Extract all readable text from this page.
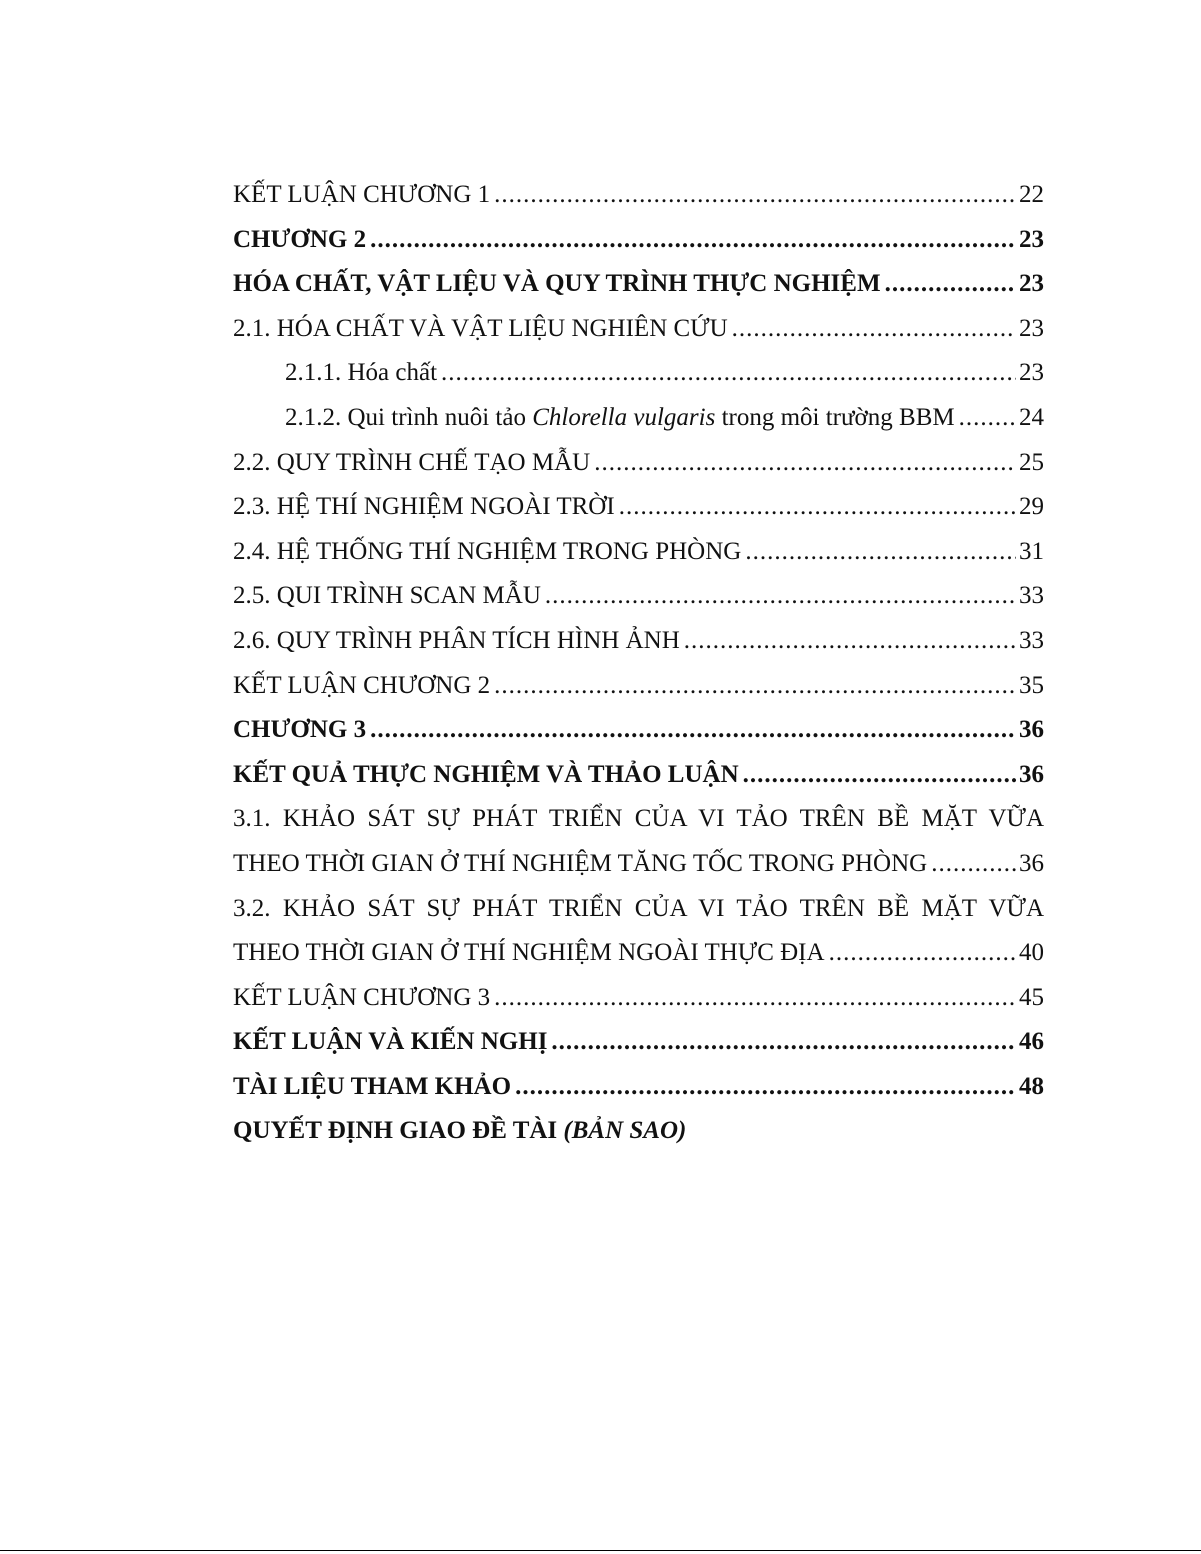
KẾT LUẬN CHƯƠNG 1 .....	22
CHƯƠNG 2 .....	23
HÓA CHẤT, VẬT LIỆU VÀ QUY TRÌNH THỰC NGHIỆM .....	23
2.1. HÓA CHẤT VÀ VẬT LIỆU NGHIÊN CỨU .....	23
2.1.1. Hóa chất .....	23
2.1.2. Qui trình nuôi tảo Chlorella vulgaris trong môi trường BBM .....	24
2.2. QUY TRÌNH CHẾ TẠO MẪU .....	25
2.3. HỆ THÍ NGHIỆM NGOÀI TRỜI .....	29
2.4. HỆ THỐNG THÍ NGHIỆM TRONG PHÒNG .....	31
2.5. QUI TRÌNH SCAN MẪU .....	33
2.6. QUY TRÌNH PHÂN TÍCH HÌNH ẢNH .....	33
KẾT LUẬN CHƯƠNG 2 .....	35
CHƯƠNG 3 .....	36
KẾT QUẢ THỰC NGHIỆM VÀ THẢO LUẬN .....	36
3.1. KHẢO SÁT SỰ PHÁT TRIỂN CỦA VI TẢO TRÊN BỀ MẶT VỮA
THEO THỜI GIAN Ở THÍ NGHIỆM TĂNG TỐC TRONG PHÒNG .....	36
3.2. KHẢO SÁT SỰ PHÁT TRIỂN CỦA VI TẢO TRÊN BỀ MẶT VỮA
THEO THỜI GIAN Ở THÍ NGHIỆM NGOÀI THỰC ĐỊA .....	40
KẾT LUẬN CHƯƠNG 3 .....	45
KẾT LUẬN VÀ KIẾN NGHỊ .....	46
TÀI LIỆU THAM KHẢO .....	48
QUYẾT ĐỊNH GIAO ĐỀ TÀI (BẢN SAO)
